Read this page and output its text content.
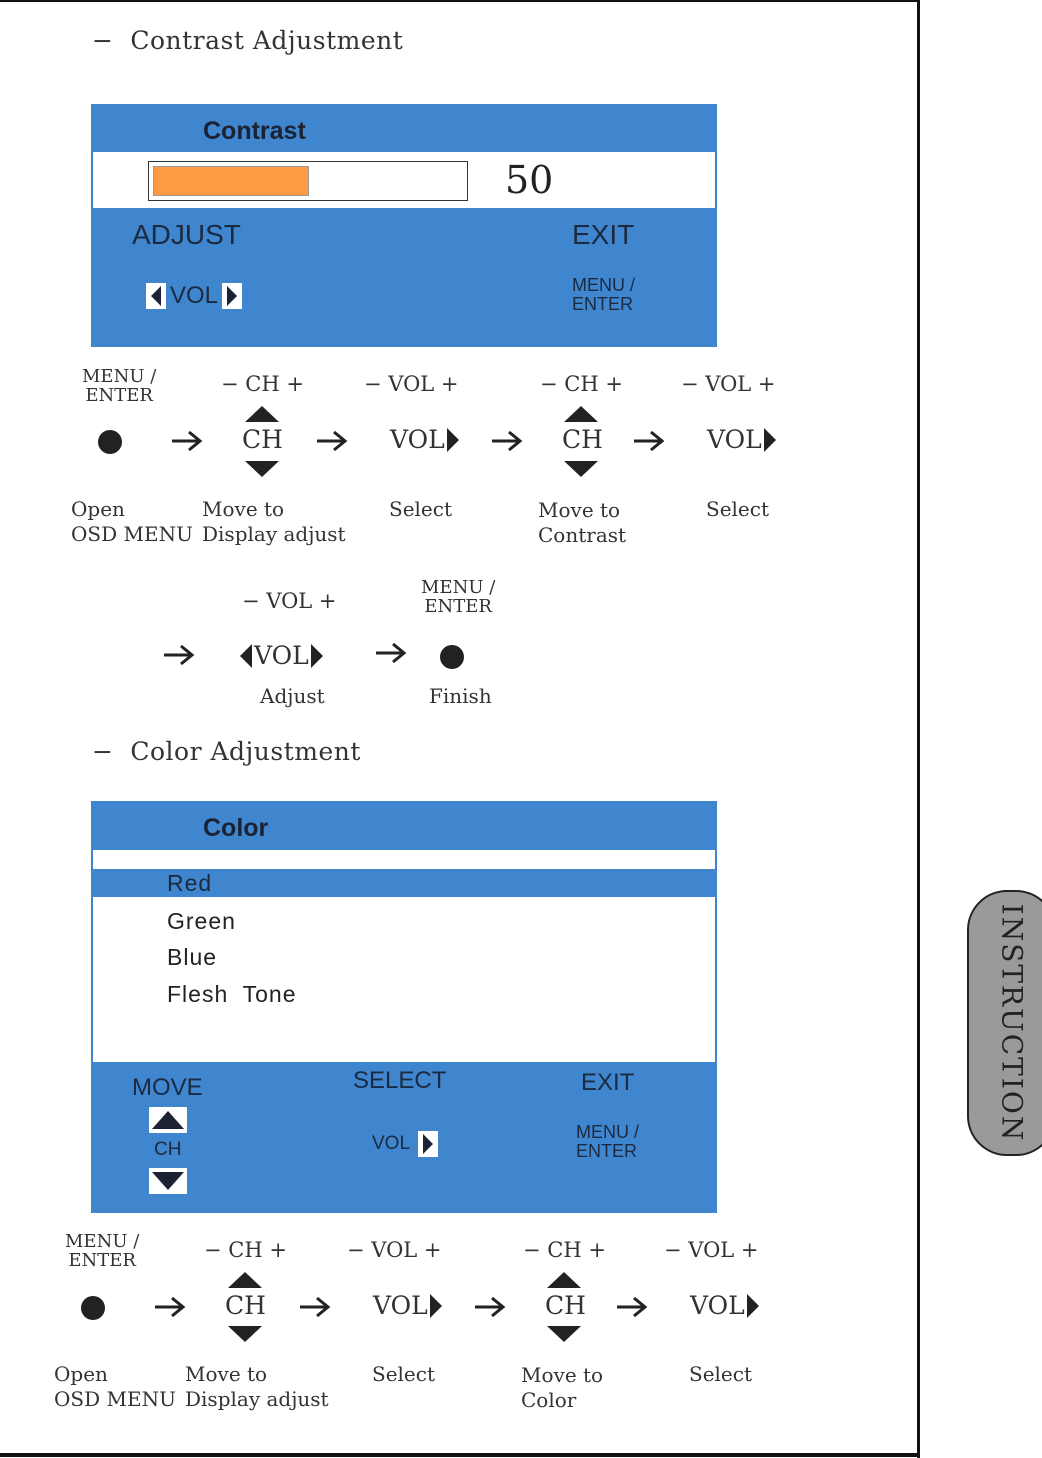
−  Contrast Adjustment
Contrast
50
ADJUST
VOL
EXIT
MENU /
ENTER
MENU /
ENTER	− CH +
CH
− VOL +
VOL
− CH +
CH
− VOL +
VOL
Open
OSD MENU
Move to
Display adjust
Select	Move to
Contrast
Select
− VOL +
VOL
MENU /
ENTER
Adjust	Finish
−  Color Adjustment
Color
Red
Green
Blue
Flesh  Tone
MOVE
CH
SELECT
VOL
EXIT
MENU /
ENTER
MENU /
ENTER	− CH +
CH
− VOL +
VOL
− CH +
CH
− VOL +
VOL
Open
OSD MENU
Move to
Display adjust
Select	Move to
Color
Select
INSTRUCTION
